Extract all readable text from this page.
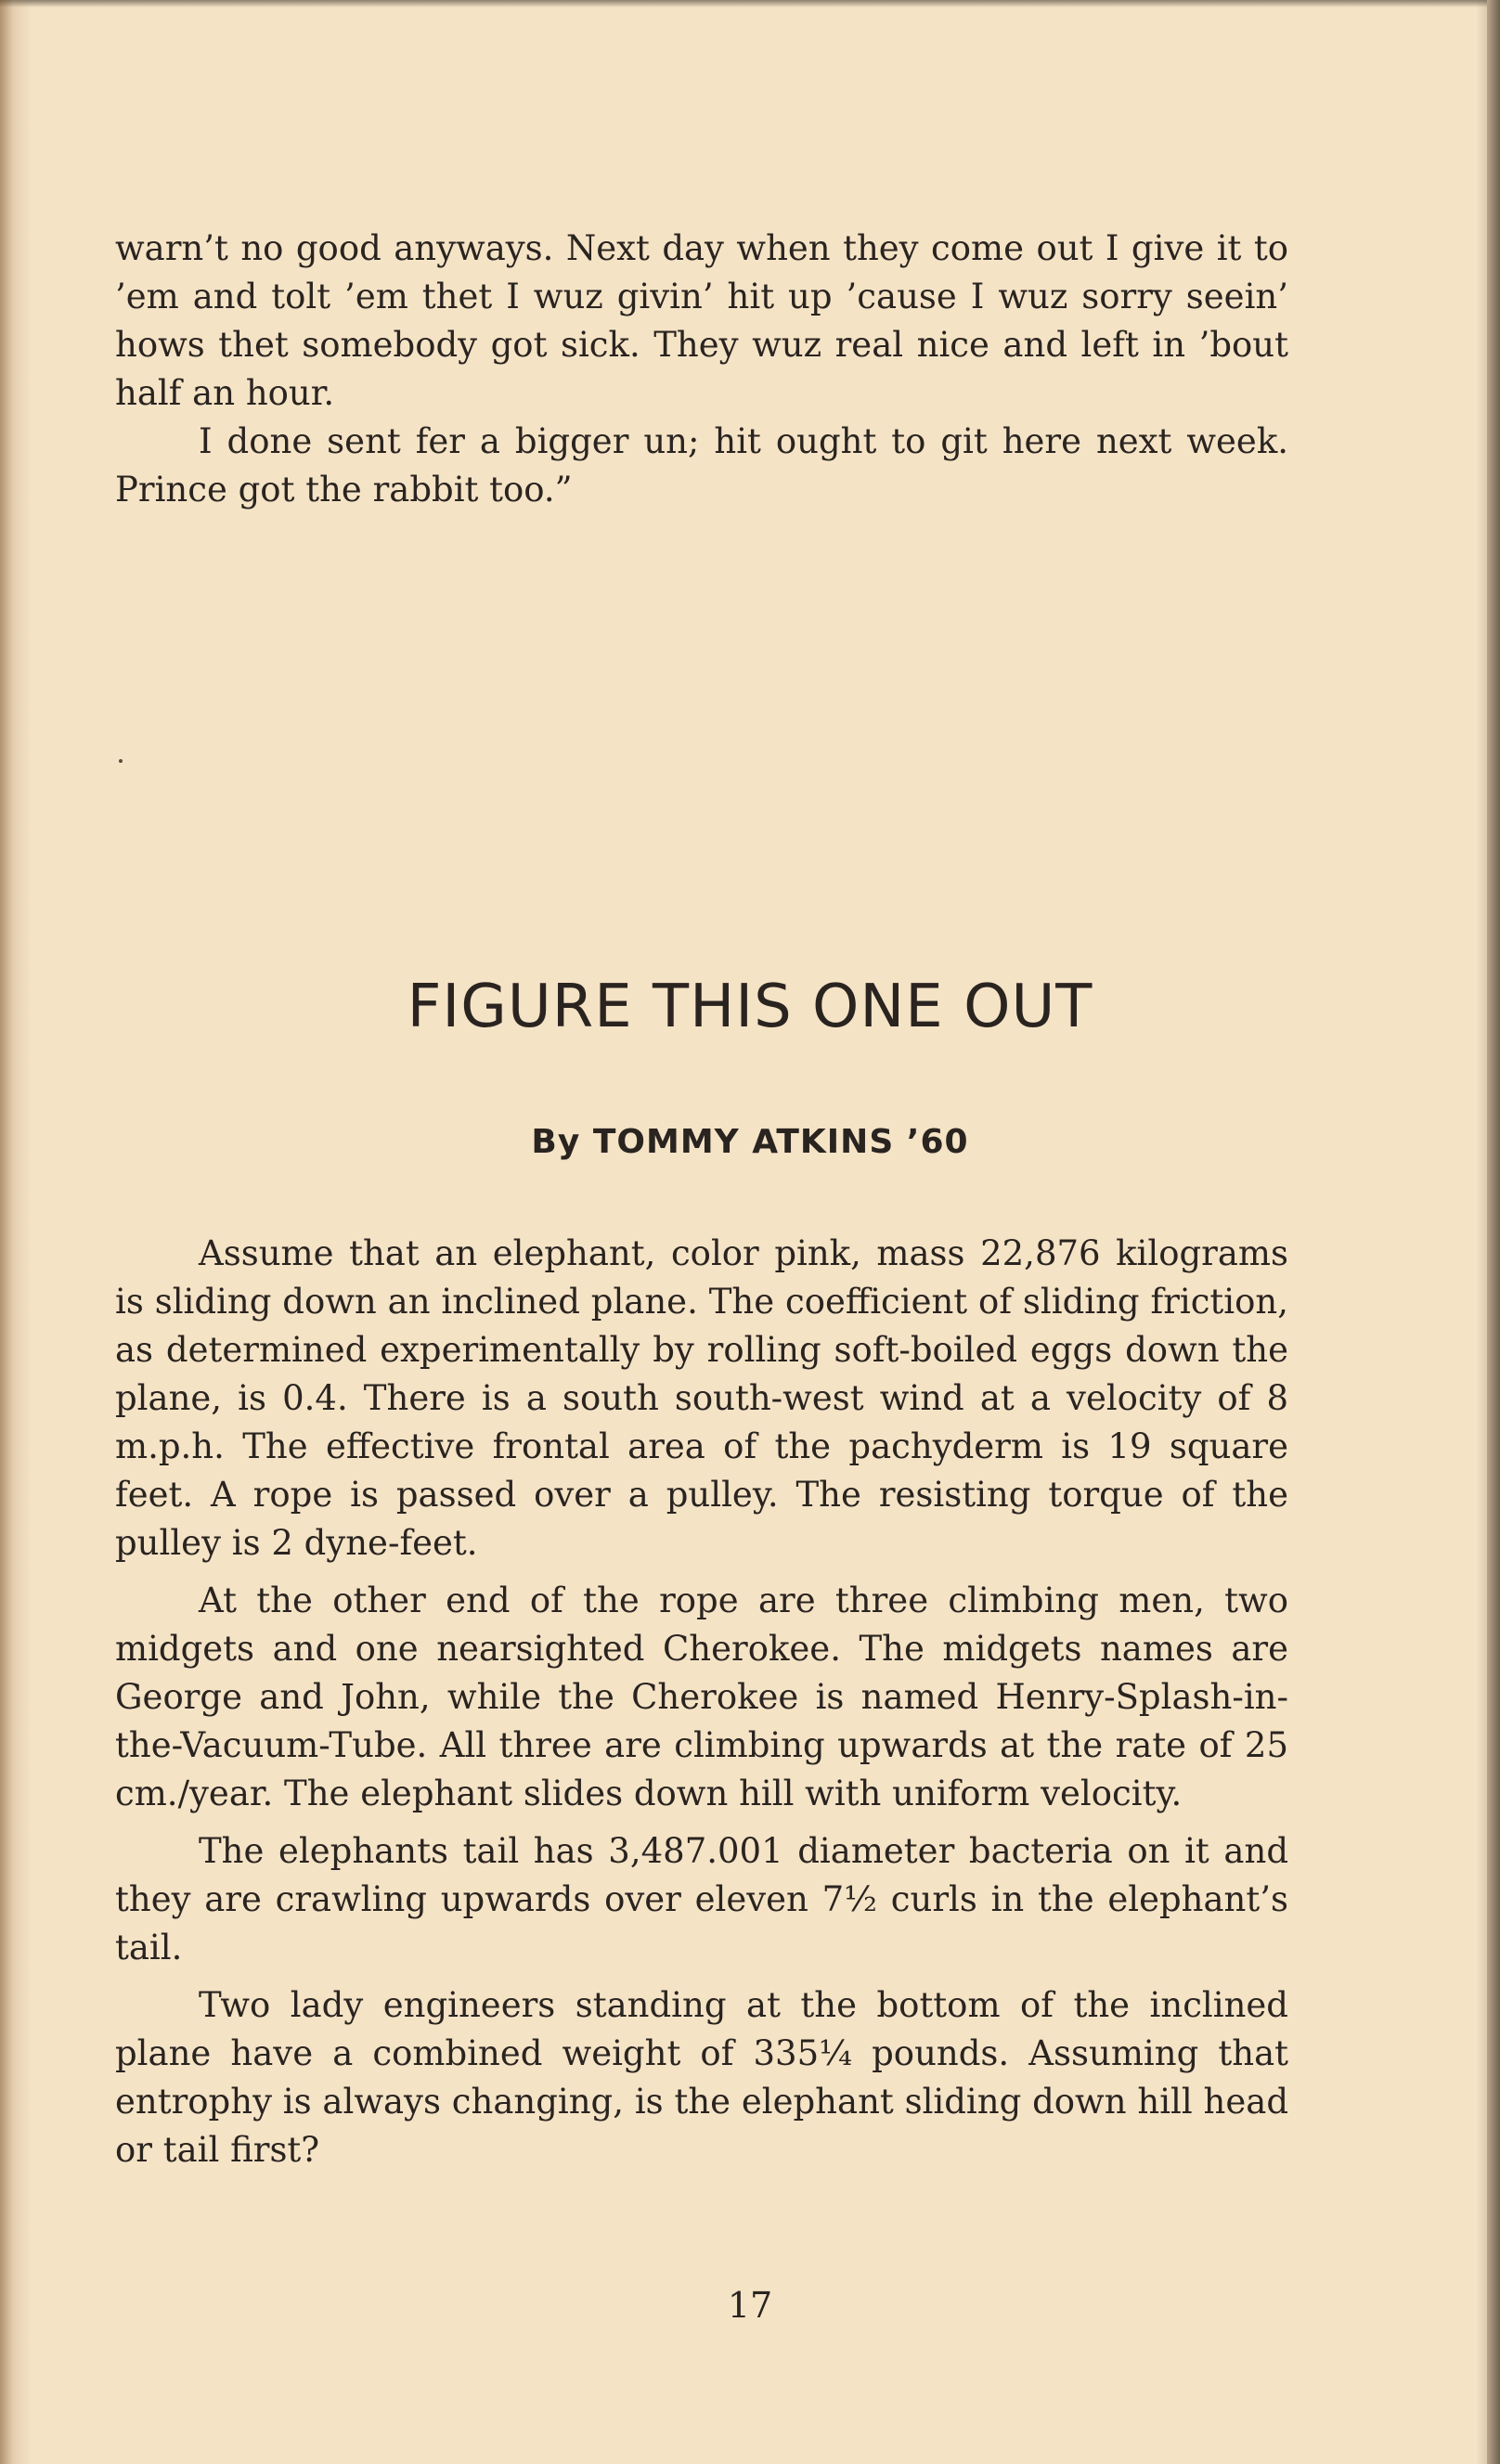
warn’t no good anyways. Next day when they come out I give it to ’em and tolt ’em thet I wuz givin’ hit up ’cause I wuz sorry seein’ hows thet somebody got sick. They wuz real nice and left in ’bout half an hour.

I done sent fer a bigger un; hit ought to git here next week. Prince got the rabbit too.”

FIGURE THIS ONE OUT
By TOMMY ATKINS ’60

Assume that an elephant, color pink, mass 22,876 kilograms is sliding down an inclined plane. The coefficient of sliding friction, as determined experimentally by rolling soft-boiled eggs down the plane, is 0.4. There is a south south-west wind at a velocity of 8 m.p.h. The effective frontal area of the pachyderm is 19 square feet. A rope is passed over a pulley. The resisting torque of the pulley is 2 dyne-feet.

At the other end of the rope are three climbing men, two midgets and one nearsighted Cherokee. The midgets names are George and John, while the Cherokee is named Henry-Splash-in-the-Vacuum-Tube. All three are climbing upwards at the rate of 25 cm./year. The elephant slides down hill with uniform velocity.

The elephants tail has 3,487.001 diameter bacteria on it and they are crawling upwards over eleven 7½ curls in the elephant’s tail.

Two lady engineers standing at the bottom of the inclined plane have a combined weight of 335¼ pounds. Assuming that entrophy is always changing, is the elephant sliding down hill head or tail first?

17
